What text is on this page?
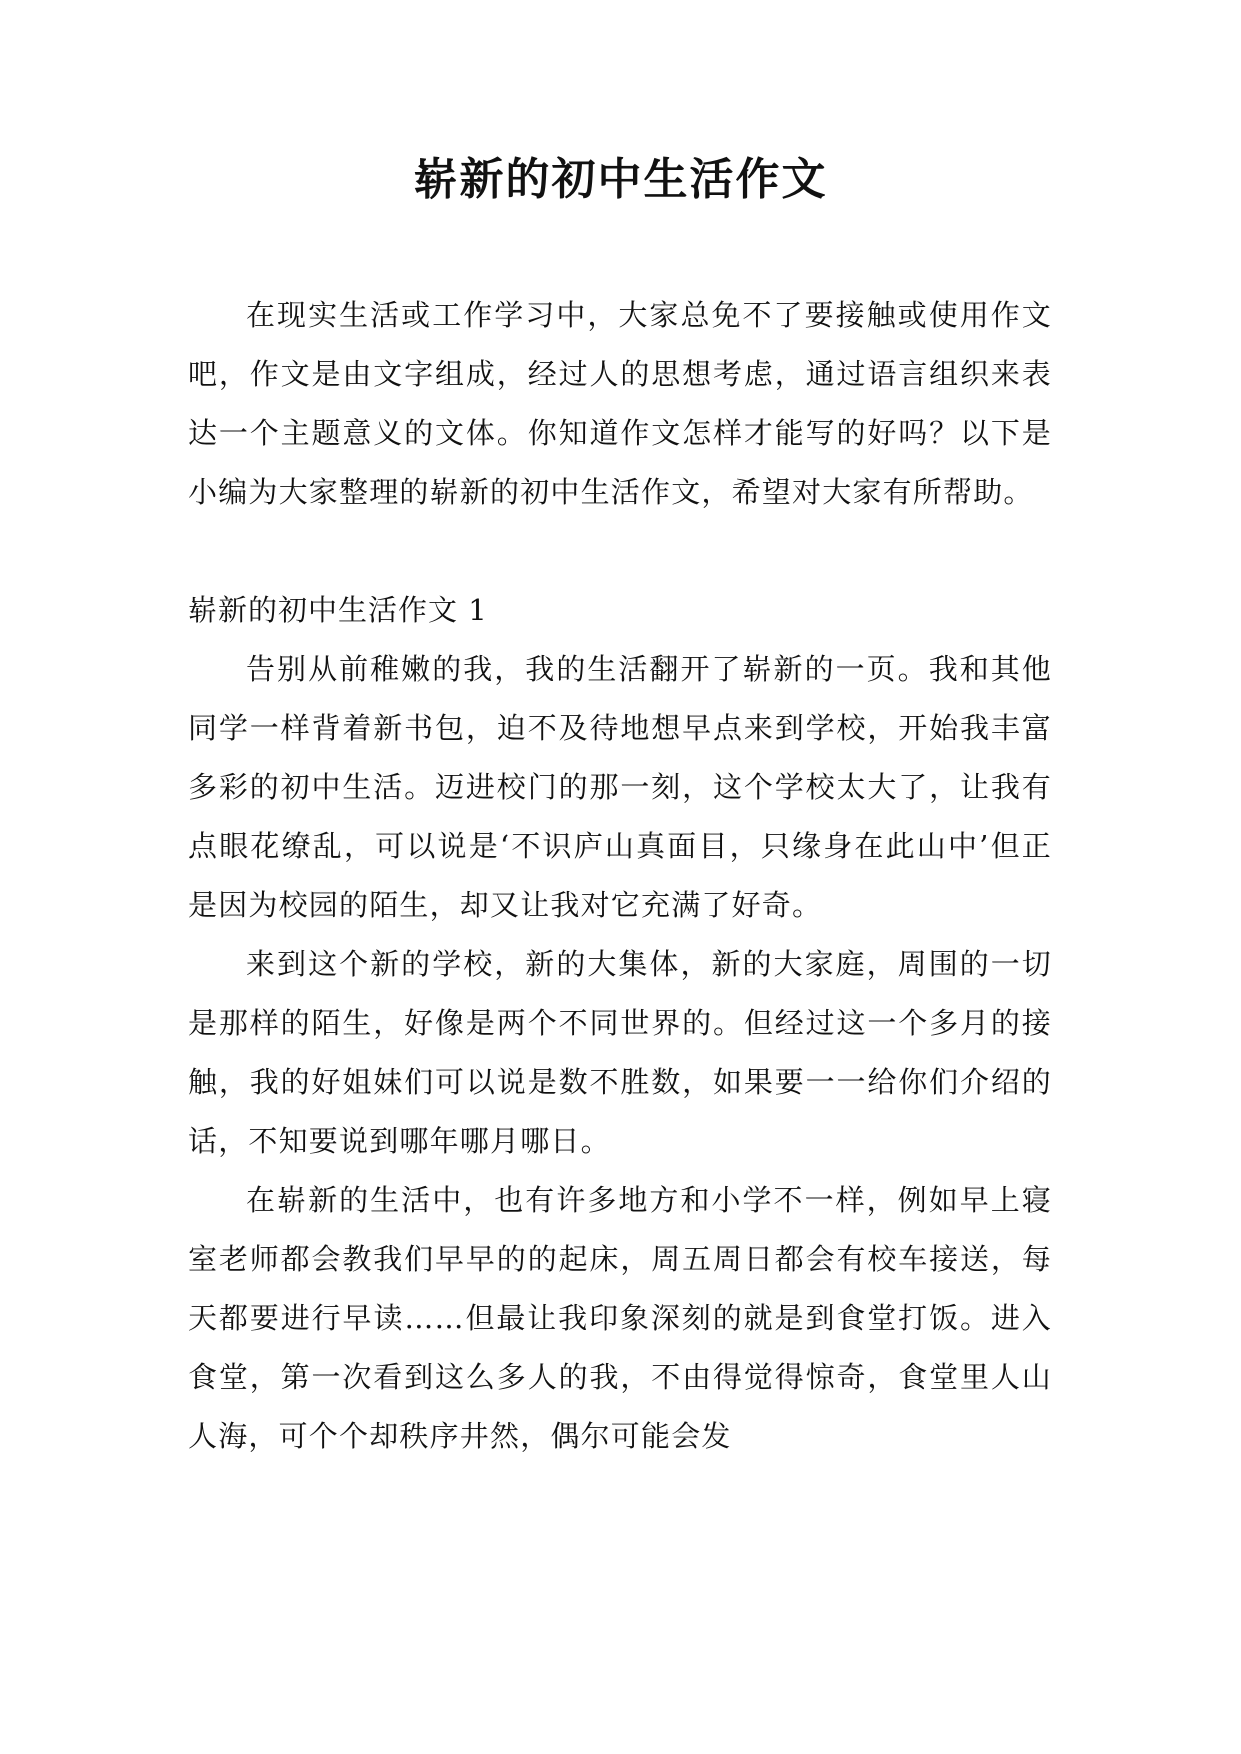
崭新的初中生活作文

在现实生活或工作学习中，大家总免不了要接触或使用作文吧，作文是由文字组成，经过人的思想考虑，通过语言组织来表达一个主题意义的文体。你知道作文怎样才能写的好吗？以下是小编为大家整理的崭新的初中生活作文，希望对大家有所帮助。

崭新的初中生活作文 1

告别从前稚嫩的我，我的生活翻开了崭新的一页。我和其他同学一样背着新书包，迫不及待地想早点来到学校，开始我丰富多彩的初中生活。迈进校门的那一刻，这个学校太大了，让我有点眼花缭乱，可以说是‘不识庐山真面目，只缘身在此山中’但正是因为校园的陌生，却又让我对它充满了好奇。

来到这个新的学校，新的大集体，新的大家庭，周围的一切是那样的陌生，好像是两个不同世界的。但经过这一个多月的接触，我的好姐妹们可以说是数不胜数，如果要一一给你们介绍的话，不知要说到哪年哪月哪日。

在崭新的生活中，也有许多地方和小学不一样，例如早上寝室老师都会教我们早早的的起床，周五周日都会有校车接送，每天都要进行早读……但最让我印象深刻的就是到食堂打饭。进入食堂，第一次看到这么多人的我，不由得觉得惊奇，食堂里人山人海，可个个却秩序井然，偶尔可能会发
